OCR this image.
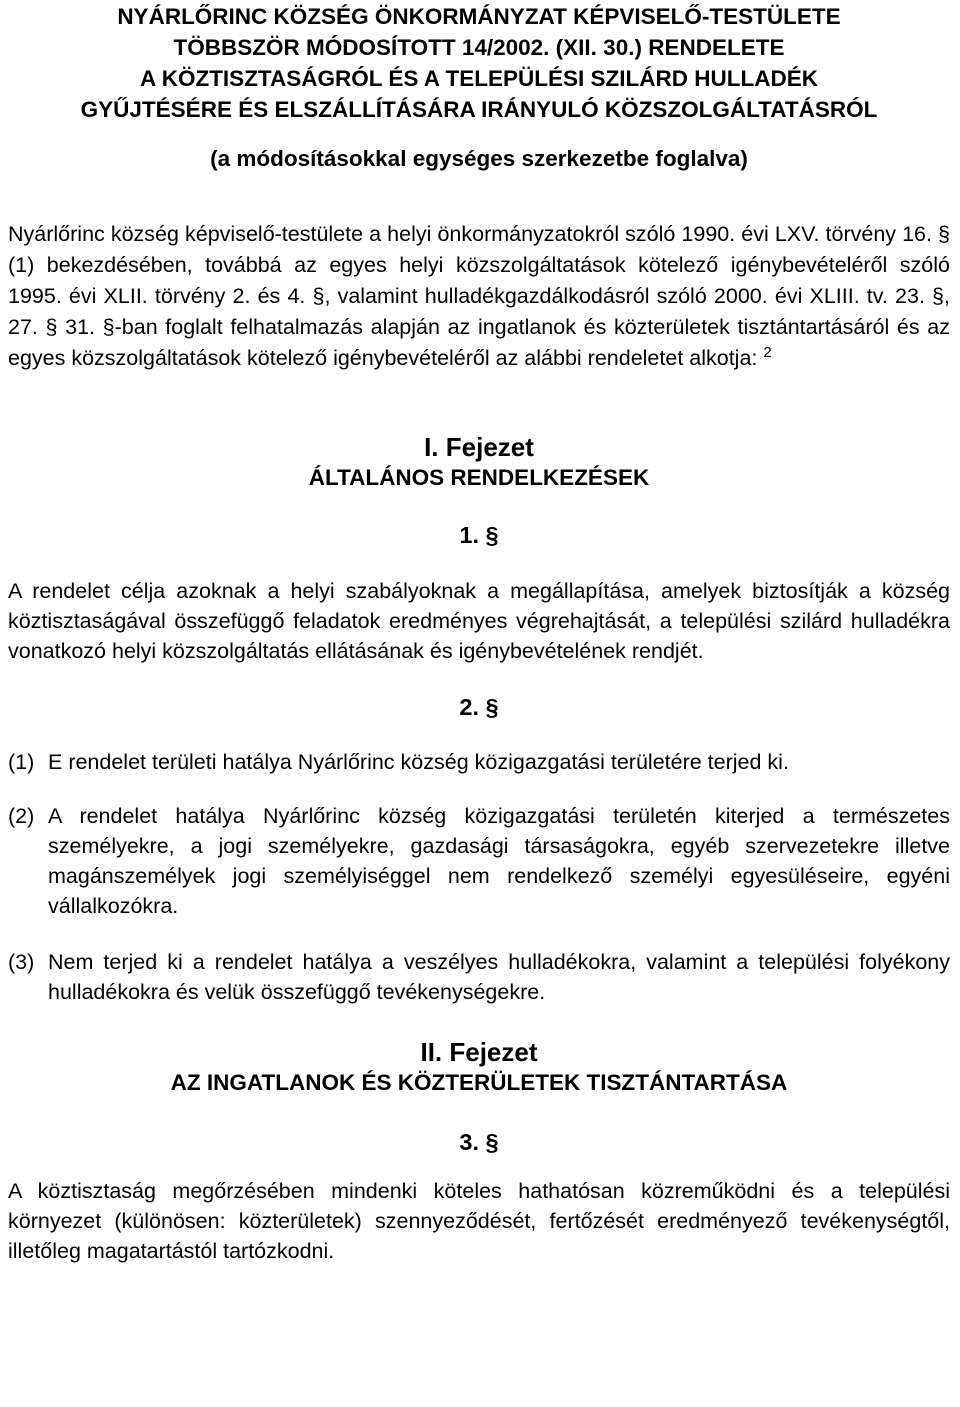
NYÁRLŐRINC KÖZSÉG ÖNKORMÁNYZAT KÉPVISELŐ-TESTÜLETE
TÖBBSZÖR MÓDOSÍTOTT 14/2002. (XII. 30.) RENDELETE
A KÖZTISZTASÁGRÓL ÉS A TELEPÜLÉSI SZILÁRD HULLADÉK
GYŰJTÉSÉRE ÉS ELSZÁLLÍTÁSÁRA IRÁNYULÓ KÖZSZOLGÁLTATÁSRÓL

(a módosításokkal egységes szerkezetbe foglalva)

Nyárlőrinc község képviselő-testülete a helyi önkormányzatokról szóló 1990. évi LXV. törvény 16. § (1) bekezdésében, továbbá az egyes helyi közszolgáltatások kötelező igénybevételéről szóló 1995. évi XLII. törvény 2. és 4. §, valamint hulladékgazdálkodásról szóló 2000. évi XLIII. tv. 23. §, 27. § 31. §-ban foglalt felhatalmazás alapján az ingatlanok és közterületek tisztántartásáról és az egyes közszolgáltatások kötelező igénybevételéről az alábbi rendeletet alkotja: $^2$

I. Fejezet
ÁLTALÁNOS RENDELKEZÉSEK

1. §

A rendelet célja azoknak a helyi szabályoknak a megállapítása, amelyek biztosítják a község köztisztaságával összefüggő feladatok eredményes végrehajtását, a települési szilárd hulladékra vonatkozó helyi közszolgáltatás ellátásának és igénybevételének rendjét.

2. §

(1) E rendelet területi hatálya Nyárlőrinc község közigazgatási területére terjed ki.
(2) A rendelet hatálya Nyárlőrinc község közigazgatási területén kiterjed a természetes személyekre, a jogi személyekre, gazdasági társaságokra, egyéb szervezetekre illetve magánszemélyek jogi személyiséggel nem rendelkező személyi egyesüléseire, egyéni vállalkozókra.
(3) Nem terjed ki a rendelet hatálya a veszélyes hulladékokra, valamint a települési folyékony hulladékokra és velük összefüggő tevékenységekre.
II. Fejezet
AZ INGATLANOK ÉS KÖZTERÜLETEK TISZTÁNTARTÁSA

3. §

A köztisztaság megőrzésében mindenki köteles hathatósan közreműködni és a települési környezet (különösen: közterületek) szennyeződését, fertőzését eredményező tevékenységtől, illetőleg magatartástól tartózkodni.
